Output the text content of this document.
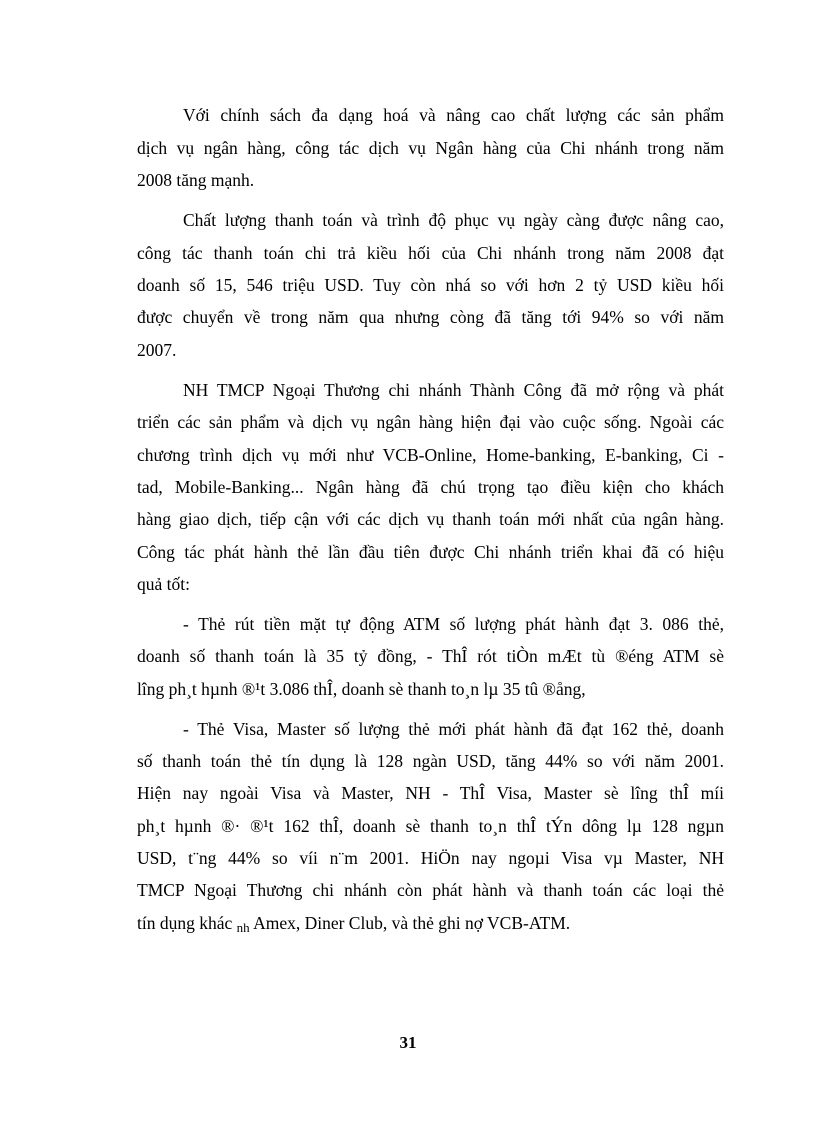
Với chính sách đa dạng hoá và nâng cao chất lượng các sản phẩm
dịch vụ ngân hàng, công tác dịch vụ Ngân hàng của Chi nhánh trong năm
2008 tăng mạnh.
Chất lượng thanh toán và trình độ phục vụ ngày càng được nâng cao,
công tác thanh toán chi trả kiều hối của Chi nhánh trong năm 2008 đạt
doanh số 15, 546 triệu USD. Tuy còn nhá so với hơn 2 tỷ USD kiều hối
được chuyển về trong năm qua nhưng còng đã tăng tới 94% so với năm
2007.
NH TMCP Ngoại Thương chi nhánh Thành Công đã mở rộng và phát
triển các sản phẩm và dịch vụ ngân hàng hiện đại vào cuộc sống. Ngoài các
chương trình dịch vụ mới như VCB-Online, Home-banking, E-banking, Ci -
tad, Mobile-Banking... Ngân hàng đã chú trọng tạo điều kiện cho khách
hàng giao dịch, tiếp cận với các dịch vụ thanh toán mới nhất của ngân hàng.
Công tác phát hành thẻ lần đầu tiên được Chi nhánh triển khai đã có hiệu
quả tốt:
- Thẻ rút tiền mặt tự động ATM số lượng phát hành đạt 3. 086 thẻ,
doanh số thanh toán là 35 tỷ đồng, - ThÎ rót tiÒn mÆt tù ®éng ATM sè
lîng ph¸t hµnh ®¹t 3.086 thÎ, doanh sè thanh to¸n lµ 35 tû ®ång,
- Thẻ Visa, Master số lượng thẻ mới phát hành đã đạt 162 thẻ, doanh
số thanh toán thẻ tín dụng là 128 ngàn USD, tăng 44% so với năm 2001.
Hiện nay ngoài Visa và Master, NH - ThÎ Visa, Master sè lîng thÎ míi
ph¸t hµnh ®· ®¹t 162 thÎ, doanh sè thanh to¸n thÎ tÝn dông lµ 128 ngµn
USD, t¨ng 44% so víi n¨m 2001. HiÖn nay ngoµi Visa vµ Master, NH
TMCP Ngoại Thương chi nhánh còn phát hành và thanh toán các loại thẻ
tín dụng khác $_{nh}$ Amex, Diner Club, và thẻ ghi nợ VCB-ATM.
31
